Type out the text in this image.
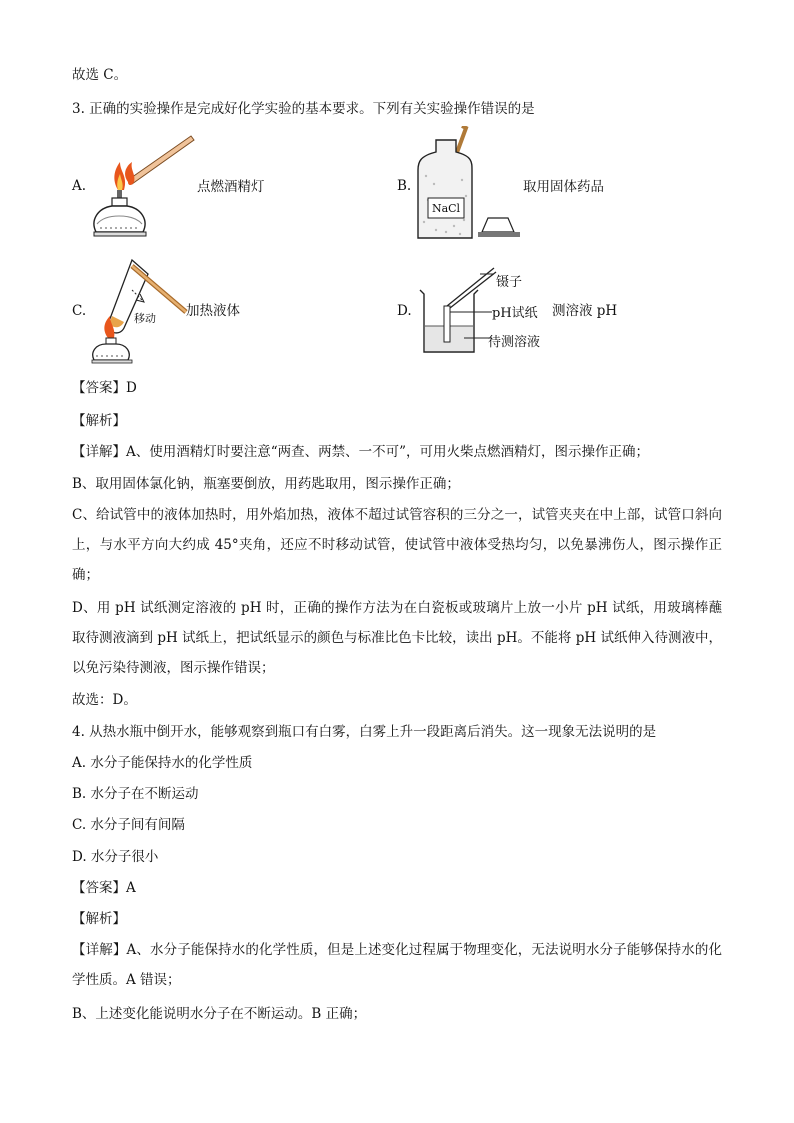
故选 C。
3. 正确的实验操作是完成好化学实验的基本要求。下列有关实验操作错误的是
A.	点燃酒精灯	B.
NaCl
取用固体药品
C.	移动 加热液体	D.
镊子
pH试纸
待测溶液
测溶液 pH
【答案】D
【解析】
【详解】A、使用酒精灯时要注意“两查、两禁、一不可”，可用火柴点燃酒精灯，图示操作正确；
B、取用固体氯化钠，瓶塞要倒放，用药匙取用，图示操作正确；
C、给试管中的液体加热时，用外焰加热，液体不超过试管容积的三分之一，试管夹夹在中上部，试管口斜向上，与水平方向大约成 45°夹角，还应不时移动试管，使试管中液体受热均匀，以免暴沸伤人，图示操作正确；
D、用 pH 试纸测定溶液的 pH 时，正确的操作方法为在白瓷板或玻璃片上放一小片 pH 试纸，用玻璃棒蘸取待测液滴到 pH 试纸上，把试纸显示的颜色与标准比色卡比较，读出 pH。不能将 pH 试纸伸入待测液中，以免污染待测液，图示操作错误；
故选：D。
4. 从热水瓶中倒开水，能够观察到瓶口有白雾，白雾上升一段距离后消失。这一现象无法说明的是
A. 水分子能保持水的化学性质
B. 水分子在不断运动
C. 水分子间有间隔
D. 水分子很小
【答案】A
【解析】
【详解】A、水分子能保持水的化学性质，但是上述变化过程属于物理变化，无法说明水分子能够保持水的化学性质。A 错误；
B、上述变化能说明水分子在不断运动。B 正确；
